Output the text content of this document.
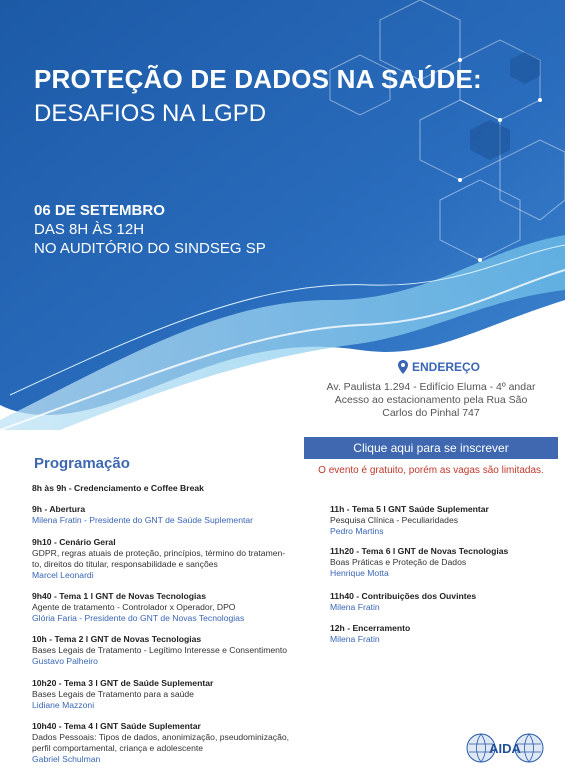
PROTEÇÃO DE DADOS NA SAÚDE:
DESAFIOS NA LGPD
06 DE SETEMBRO
DAS 8H ÀS 12H
NO AUDITÓRIO DO SINDSEG SP
ENDEREÇO
Av. Paulista 1.294 - Edifício Eluma - 4º andar
Acesso ao estacionamento pela Rua São
Carlos do Pinhal 747
Clique aqui para se inscrever
O evento é gratuito, porém as vagas são limitadas.
Programação
8h às 9h - Credenciamento e Coffee Break
9h - Abertura
Milena Fratin - Presidente do GNT de Saúde Suplementar
9h10 - Cenário Geral
GDPR, regras atuais de proteção, princípios, término do tratamen-
to, direitos do titular, responsabilidade e sanções
Marcel Leonardi
9h40 - Tema 1 l GNT de Novas Tecnologias
Agente de tratamento - Controlador x Operador, DPO
Glória Faria - Presidente do GNT de Novas Tecnologias
10h - Tema 2 l GNT de Novas Tecnologias
Bases Legais de Tratamento - Legítimo Interesse e Consentimento
Gustavo Palheiro
10h20 - Tema 3 l GNT de Saúde Suplementar
Bases Legais de Tratamento para a saúde
Lidiane Mazzoni
10h40 - Tema 4 l GNT Saúde Suplementar
Dados Pessoais: Tipos de dados, anonimização, pseudominização,
perfil comportamental, criança e adolescente
Gabriel Schulman
11h - Tema 5 l GNT Saúde Suplementar
Pesquisa Clínica - Peculiaridades
Pedro Martins
11h20 - Tema 6 l GNT de Novas Tecnologias
Boas Práticas e Proteção de Dados
Henrique Motta
11h40 - Contribuições dos Ouvintes
Milena Fratin
12h - Encerramento
Milena Fratin
AIDA
